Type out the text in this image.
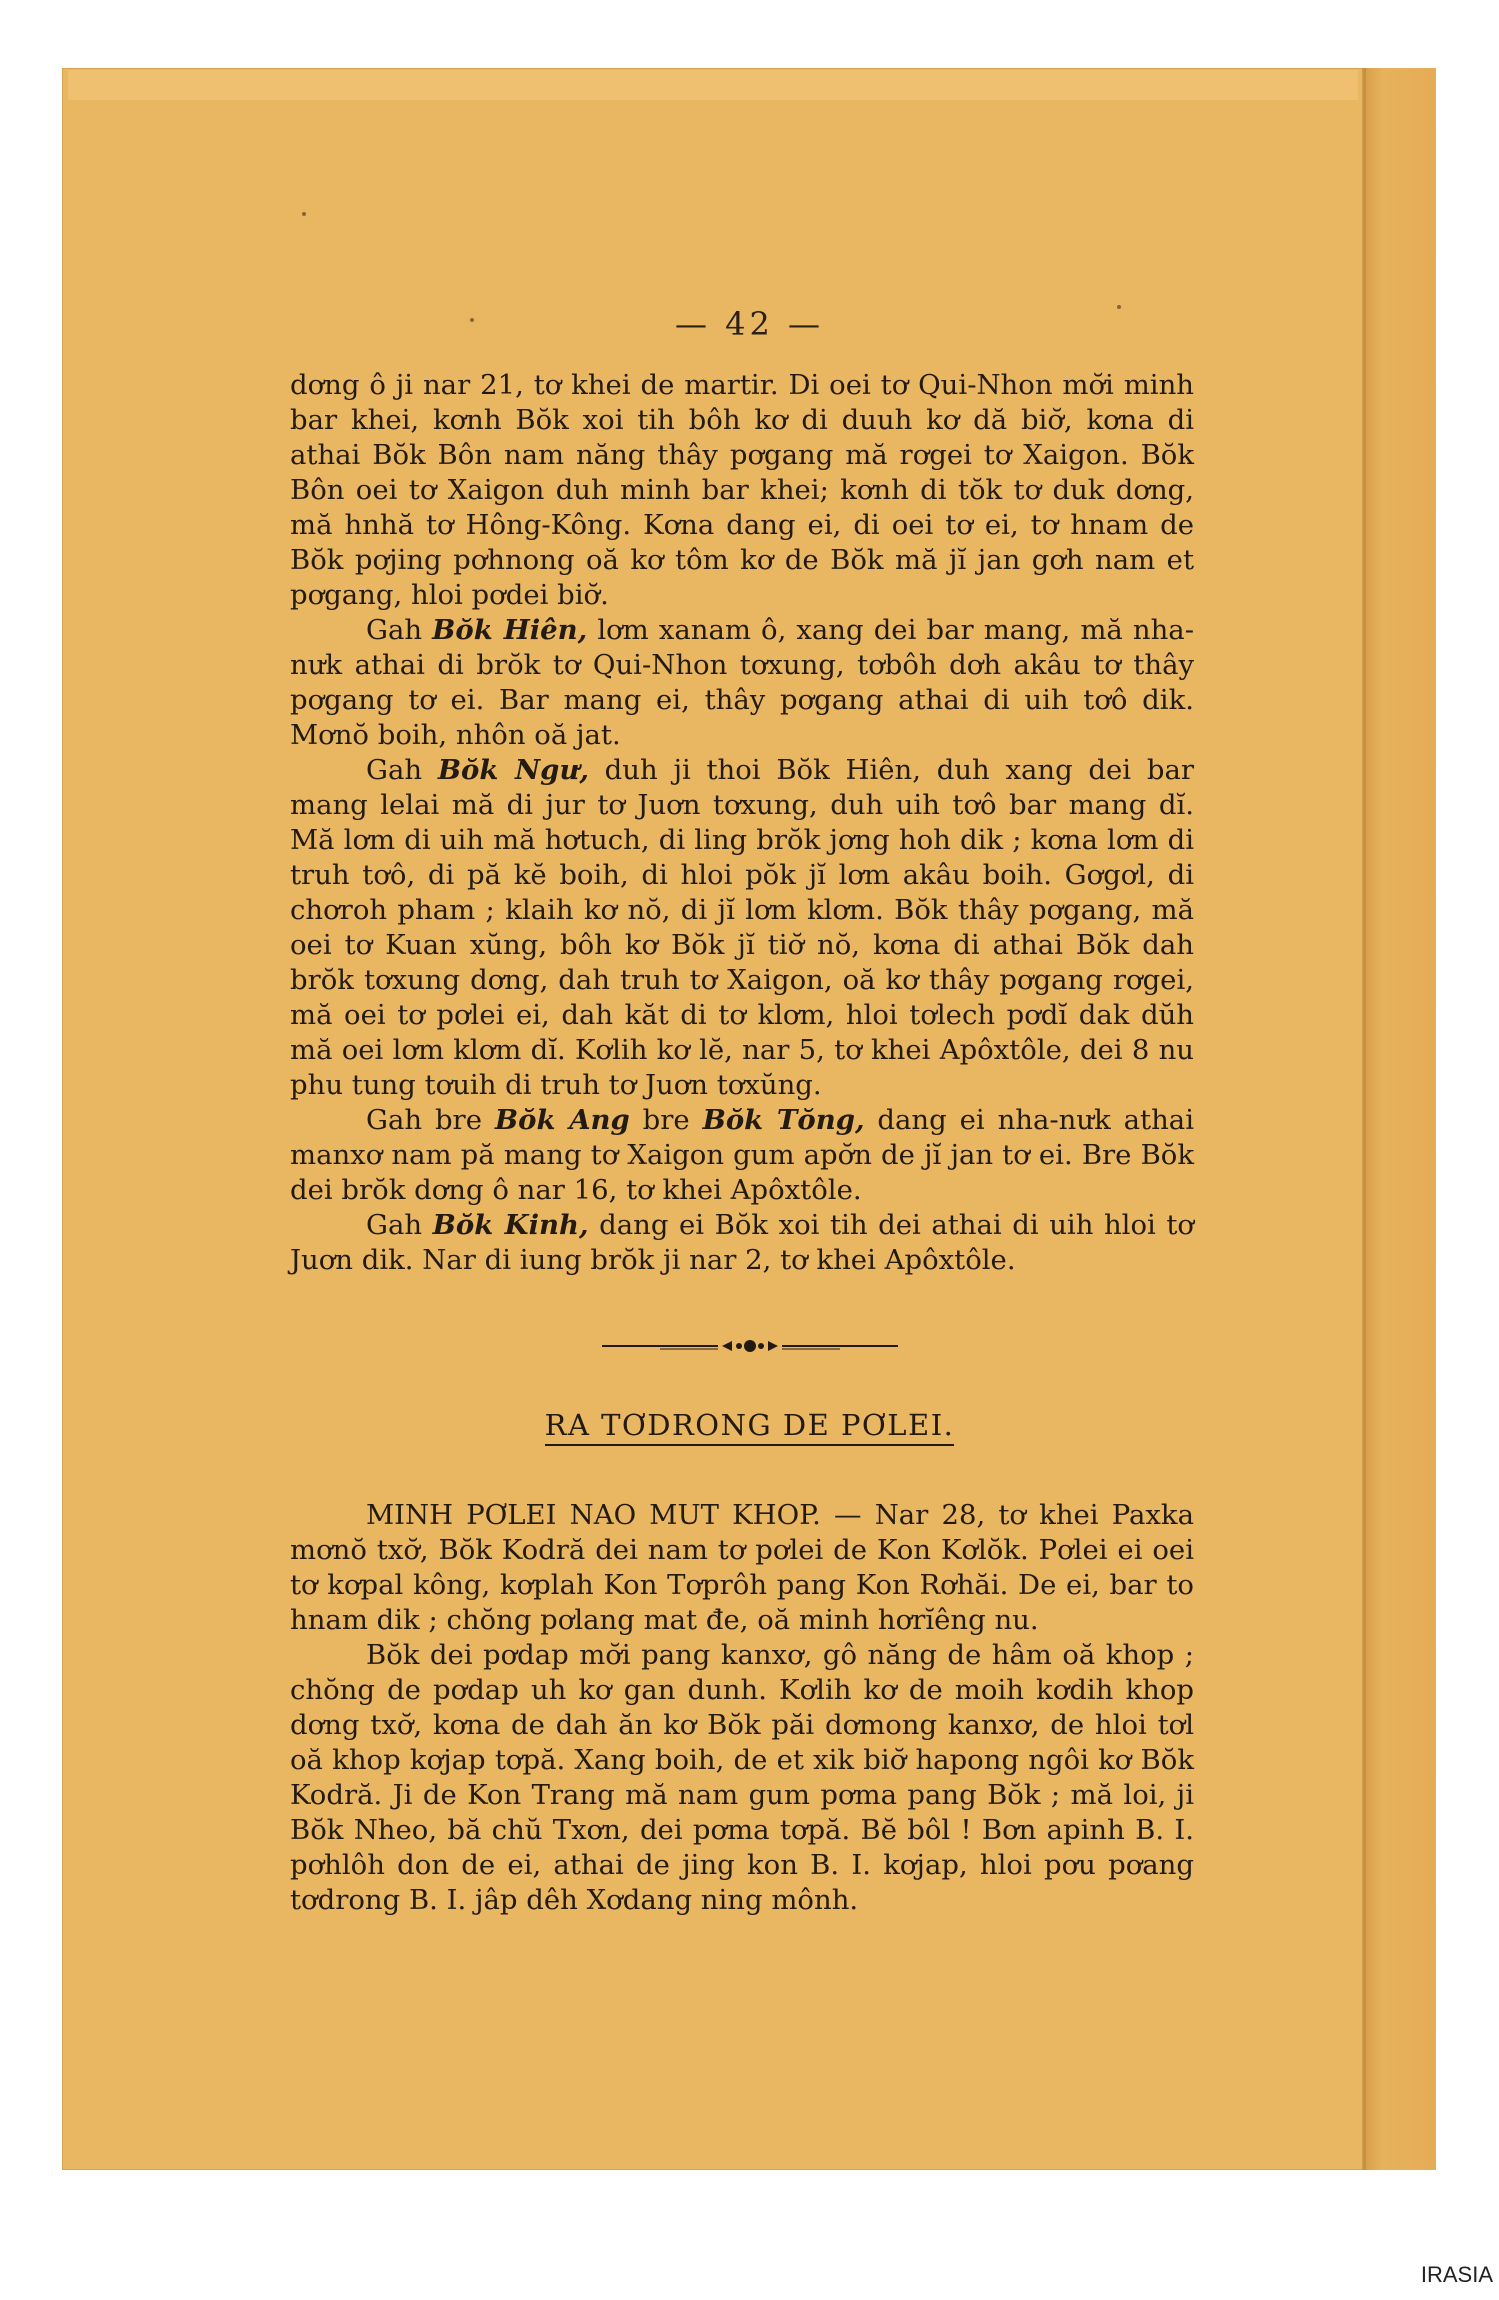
— 42 —

dơng ô ji nar 21, tơ khei de martir. Di oei tơ Qui-Nhon mơ̆i minh bar khei, kơnh Bŏk xoi tih bôh kơ di duuh kơ dă biơ̆, kơna di athai Bŏk Bôn nam năng thây pơgang mă rơgei tơ Xaigon. Bŏk Bôn oei tơ Xaigon duh minh bar khei; kơnh di tŏk tơ duk dơng, mă hnhă tơ Hông-Kông. Kơna dang ei, di oei tơ ei, tơ hnam de Bŏk pơjing pơhnong oă kơ tôm kơ de Bŏk mă jĭ jan gơh nam et pơgang, hloi pơdei biơ̆.

Gah Bŏk Hiên, lơm xanam ô, xang dei bar mang, mă nha-nưk athai di brŏk tơ Qui-Nhon tơxung, tơbôh dơh akâu tơ thây pơgang tơ ei. Bar mang ei, thây pơgang athai di uih tơô dik. Mơnŏ boih, nhôn oă jat.

Gah Bŏk Ngư, duh ji thoi Bŏk Hiên, duh xang dei bar mang lelai mă di jur tơ Juơn tơxung, duh uih tơô bar mang dĭ. Mă lơm di uih mă hơtuch, di ling brŏk jơng hoh dik ; kơna lơm di truh tơô, di pă kĕ boih, di hloi pŏk jĭ lơm akâu boih. Gơgơl, di chơroh pham ; klaih kơ nŏ, di jĭ lơm klơm. Bŏk thây pơgang, mă oei tơ Kuan xŭng, bôh kơ Bŏk jĭ tiơ̆ nŏ, kơna di athai Bŏk dah brŏk tơxung dơng, dah truh tơ Xaigon, oă kơ thây pơgang rơgei, mă oei tơ pơlei ei, dah kăt di tơ klơm, hloi tơlech pơdĭ dak dŭh mă oei lơm klơm dĭ. Kơlih kơ lĕ, nar 5, tơ khei Apôxtôle, dei 8 nu phu tung tơuih di truh tơ Juơn tơxŭng.

Gah bre Bŏk Ang bre Bŏk Tŏng, dang ei nha-nưk athai manxơ nam pă mang tơ Xaigon gum apơ̆n de jĭ jan tơ ei. Bre Bŏk dei brŏk dơng ô nar 16, tơ khei Apôxtôle.

Gah Bŏk Kinh, dang ei Bŏk xoi tih dei athai di uih hloi tơ Juơn dik. Nar di iung brŏk ji nar 2, tơ khei Apôxtôle.

RA TƠDRONG DE PƠLEI.

MINH PƠLEI NAO MUT KHOP. — Nar 28, tơ khei Paxka mơnŏ txơ̆, Bŏk Kodră dei nam tơ pơlei de Kon Kơlŏk. Pơlei ei oei tơ kơpal kông, kơplah Kon Tơprôh pang Kon Rơhăi. De ei, bar to hnam dik ; chŏng pơlang mat đe, oă minh hơrĭêng nu.

Bŏk dei pơdap mơ̆i pang kanxơ, gô năng de hâm oă khop ; chŏng de pơdap uh kơ gan dunh. Kơlih kơ de moih kơdih khop dơng txơ̆, kơna de dah ăn kơ Bŏk păi dơmong kanxơ, de hloi tơl oă khop kơjap tơpă. Xang boih, de et xik biơ̆ hapong ngôi kơ Bŏk Kodră. Ji de Kon Trang mă nam gum pơma pang Bŏk ; mă loi, ji Bŏk Nheo, bă chŭ Txơn, dei pơma tơpă. Bĕ bôl ! Bơn apinh B. I. pơhlôh don de ei, athai de jing kon B. I. kơjap, hloi pơu pơang tơdrong B. I. jâp dêh Xơdang ning mônh.

IRASIA
